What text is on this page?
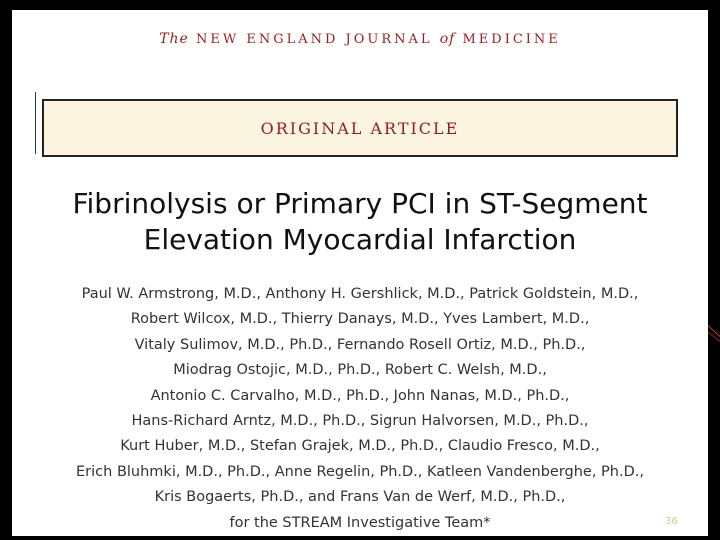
The NEW ENGLAND JOURNAL of MEDICINE
ORIGINAL ARTICLE
Fibrinolysis or Primary PCI in ST-Segment
Elevation Myocardial Infarction
Paul W. Armstrong, M.D., Anthony H. Gershlick, M.D., Patrick Goldstein, M.D.,
Robert Wilcox, M.D., Thierry Danays, M.D., Yves Lambert, M.D.,
Vitaly Sulimov, M.D., Ph.D., Fernando Rosell Ortiz, M.D., Ph.D.,
Miodrag Ostojic, M.D., Ph.D., Robert C. Welsh, M.D.,
Antonio C. Carvalho, M.D., Ph.D., John Nanas, M.D., Ph.D.,
Hans-Richard Arntz, M.D., Ph.D., Sigrun Halvorsen, M.D., Ph.D.,
Kurt Huber, M.D., Stefan Grajek, M.D., Ph.D., Claudio Fresco, M.D.,
Erich Bluhmki, M.D., Ph.D., Anne Regelin, Ph.D., Katleen Vandenberghe, Ph.D.,
Kris Bogaerts, Ph.D., and Frans Van de Werf, M.D., Ph.D.,
for the STREAM Investigative Team*	36
